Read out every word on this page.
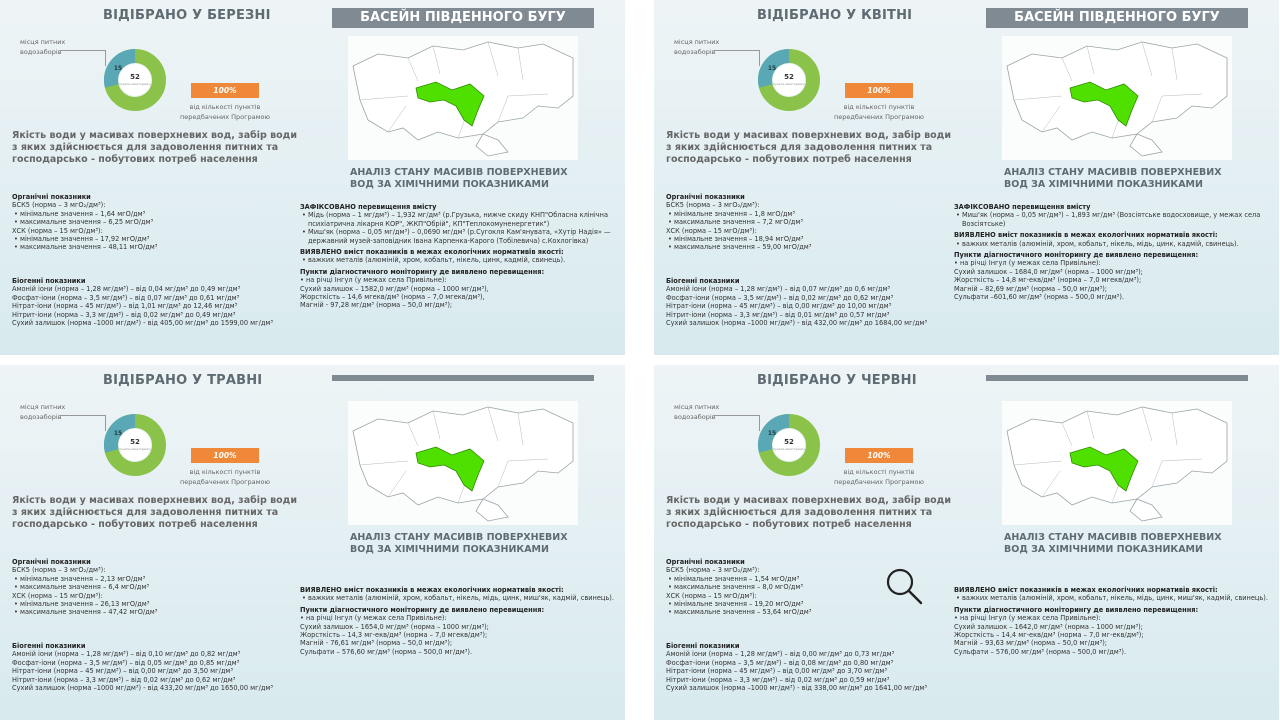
ВІДІБРАНО У БЕРЕЗНІ	БАСЕЙН ПІВДЕННОГО БУГУ
місця питних водозаборів
52
пункти моніторингу
15
100%
від кількості пунктів передбачених Програмою
Якість води у масивах поверхневих вод, забір води з яких здійснюється для задоволення питних та господарсько - побутових потреб населення
АНАЛІЗ СТАНУ МАСИВІВ ПОВЕРХНЕВИХ ВОД ЗА ХІМІЧНИМИ ПОКАЗНИКАМИ
Органічні показники
БСК5 (норма – 3 мгО₂/дм³):
• мінімальне значення – 1,64 мгО/дм³
• максимальне значення – 6,25 мгО/дм³
ХСК (норма – 15 мгО/дм³):
• мінімальне значення – 17,92 мгО/дм³
• максимальне значення – 48,11 мгО/дм³
Біогенні показники
Амоній іони (норма – 1,28 мг/дм³) – від 0,04 мг/дм³ до 0,49 мг/дм³
Фосфат-іони (норма – 3,5 мг/дм³) – від 0,07 мг/дм³ до 0,61 мг/дм³
Нітрат-іони (норма – 45 мг/дм³) – від 1,01 мг/дм³ до 12,46 мг/дм³
Нітрит-іони (норма – 3,3 мг/дм³) – від 0,02 мг/дм³ до 0,49 мг/дм³
Сухий залишок (норма –1000 мг/дм³) - від 405,00 мг/дм³ до 1599,00 мг/дм³
ЗАФІКСОВАНО перевищення вмісту
• Мідь (норма – 1 мг/дм³) – 1,932 мг/дм³ (р.Грузька, нижче скиду КНП"Обласна клінічна психіатрична лікарня КОР", ЖКП"Обрій", КП"Теплокомуненергетик")
• Миш'як (норма – 0,05 мг/дм³) – 0,0690 мг/дм³ (р.Сугокля Кам'янувата, «Хутір Надія» — державний музей-заповідник Івана Карпенка-Карого (Тобілевича) с.Кохлогівка)
ВИЯВЛЕНО вміст показників в межах екологічних нормативів якості:
• важких металів (алюміній, хром, кобальт, нікель, цинк, кадмій, свинець).
Пункти діагностичного моніторингу де виявлено перевищення:
• на річці Інгул (у межах села Привільне):
Сухий залишок – 1582,0 мг/дм³ (норма – 1000 мг/дм³),
Жорсткість – 14,6 мгекв/дм³ (норма – 7,0 мгекв/дм³),
Магній - 97,28 мг/дм³ (норма – 50,0 мг/дм³);
ВІДІБРАНО У КВІТНІ	БАСЕЙН ПІВДЕННОГО БУГУ
місця питних водозаборів
52
пункти моніторингу
15
100%
від кількості пунктів передбачених Програмою
Якість води у масивах поверхневих вод, забір води з яких здійснюється для задоволення питних та господарсько - побутових потреб населення
АНАЛІЗ СТАНУ МАСИВІВ ПОВЕРХНЕВИХ ВОД ЗА ХІМІЧНИМИ ПОКАЗНИКАМИ
Органічні показники
БСК5 (норма – 3 мгО₂/дм³):
• мінімальне значення – 1,8 мгО/дм³
• максимальне значення – 7,2 мгО/дм³
ХСК (норма – 15 мгО/дм³):
• мінімальне значення – 18,94 мгО/дм³
• максимальне значення – 59,00 мгО/дм³
Біогенні показники
Амоній іони (норма – 1,28 мг/дм³) – від 0,07 мг/дм³ до 0,6 мг/дм³
Фосфат-іони (норма – 3,5 мг/дм³) – від 0,02 мг/дм³ до 0,62 мг/дм³
Нітрат-іони (норма – 45 мг/дм³) – від 0,00 мг/дм³ до 10,00 мг/дм³
Нітрит-іони (норма – 3,3 мг/дм³) – від 0,01 мг/дм³ до 0,57 мг/дм³
Сухий залишок (норма –1000 мг/дм³) - від 432,00 мг/дм³ до 1684,00 мг/дм³
ЗАФІКСОВАНО перевищення вмісту
• Миш'як (норма – 0,05 мг/дм³) – 1,893 мг/дм³ (Возсіятське водосховище, у межах села Возсіятське)
ВИЯВЛЕНО вміст показників в межах екологічних нормативів якості:
• важких металів (алюміній, хром, кобальт, нікель, мідь, цинк, кадмій, свинець).
Пункти діагностичного моніторингу де виявлено перевищення:
• на річці Інгул (у межах села Привільне):
Сухий залишок – 1684,0 мг/дм³ (норма – 1000 мг/дм³);
Жорсткість – 14,8 мг-екв/дм³ (норма – 7,0 мгекв/дм³);
Магній – 82,69 мг/дм³ (норма – 50,0 мг/дм³);
Сульфати –601,60 мг/дм³ (норма – 500,0 мг/дм³).
ВІДІБРАНО У ТРАВНІ
місця питних водозаборів
52
пункти моніторингу
15
100%
від кількості пунктів передбачених Програмою
Якість води у масивах поверхневих вод, забір води з яких здійснюється для задоволення питних та господарсько - побутових потреб населення
АНАЛІЗ СТАНУ МАСИВІВ ПОВЕРХНЕВИХ ВОД ЗА ХІМІЧНИМИ ПОКАЗНИКАМИ
Органічні показники
БСК5 (норма – 3 мгО₂/дм³):
• мінімальне значення – 2,13 мгО/дм³
• максимальне значення – 6,4 мгО/дм³
ХСК (норма – 15 мгО/дм³):
• мінімальне значення – 26,13 мгО/дм³
• максимальне значення – 47,42 мгО/дм³
Біогенні показники
Амоній іони (норма – 1,28 мг/дм³) – від 0,10 мг/дм³ до 0,82 мг/дм³
Фосфат-іони (норма – 3,5 мг/дм³) – від 0,05 мг/дм³ до 0,85 мг/дм³
Нітрат-іони (норма – 45 мг/дм³) – від 0,00 мг/дм³ до 3,50 мг/дм³
Нітрит-іони (норма – 3,3 мг/дм³) – від 0,02 мг/дм³ до 0,62 мг/дм³
Сухий залишок (норма –1000 мг/дм³) - від 433,20 мг/дм³ до 1650,00 мг/дм³
ВИЯВЛЕНО вміст показників в межах екологічних нормативів якості:
• важких металів (алюміній, хром, кобальт, нікель, мідь, цинк, миш'як, кадмій, свинець).
Пункти діагностичного моніторингу де виявлено перевищення:
• на річці Інгул (у межах села Привільне):
Сухий залишок – 1654,0 мг/дм³ (норма – 1000 мг/дм³);
Жорсткість – 14,3 мг-екв/дм³ (норма – 7,0 мгекв/дм³);
Магній - 76,61 мг/дм³ (норма – 50,0 мг/дм³);
Сульфати – 576,60 мг/дм³ (норма – 500,0 мг/дм³).
ВІДІБРАНО У ЧЕРВНІ
місця питних водозаборів
52
пункти моніторингу
15
100%
від кількості пунктів передбачених Програмою
Якість води у масивах поверхневих вод, забір води з яких здійснюється для задоволення питних та господарсько - побутових потреб населення
АНАЛІЗ СТАНУ МАСИВІВ ПОВЕРХНЕВИХ ВОД ЗА ХІМІЧНИМИ ПОКАЗНИКАМИ
Органічні показники
БСК5 (норма – 3 мгО₂/дм³):
• мінімальне значення – 1,54 мгО/дм³
• максимальне значення – 8,0 мгО/дм³
ХСК (норма – 15 мгО/дм³):
• мінімальне значення – 19,20 мгО/дм³
• максимальне значення – 53,64 мгО/дм³
Біогенні показники
Амоній іони (норма – 1,28 мг/дм³) – від 0,00 мг/дм³ до 0,73 мг/дм³
Фосфат-іони (норма – 3,5 мг/дм³) – від 0,08 мг/дм³ до 0,80 мг/дм³
Нітрат-іони (норма – 45 мг/дм³) – від 0,00 мг/дм³ до 3,70 мг/дм³
Нітрит-іони (норма – 3,3 мг/дм³) – від 0,02 мг/дм³ до 0,59 мг/дм³
Сухий залишок (норма –1000 мг/дм³) - від 338,00 мг/дм³ до 1641,00 мг/дм³
ВИЯВЛЕНО вміст показників в межах екологічних нормативів якості:
• важких металів (алюміній, хром, кобальт, нікель, мідь, цинк, миш'як, кадмій, свинець).
Пункти діагностичного моніторингу де виявлено перевищення:
• на річці Інгул (у межах села Привільне):
Сухий залишок – 1642,0 мг/дм³ (норма – 1000 мг/дм³);
Жорсткість – 14,4 мг-екв/дм³ (норма – 7,0 мг-екв/дм³);
Магній – 93,63 мг/дм³ (норма – 50,0 мг/дм³);
Сульфати – 576,00 мг/дм³ (норма – 500,0 мг/дм³).
